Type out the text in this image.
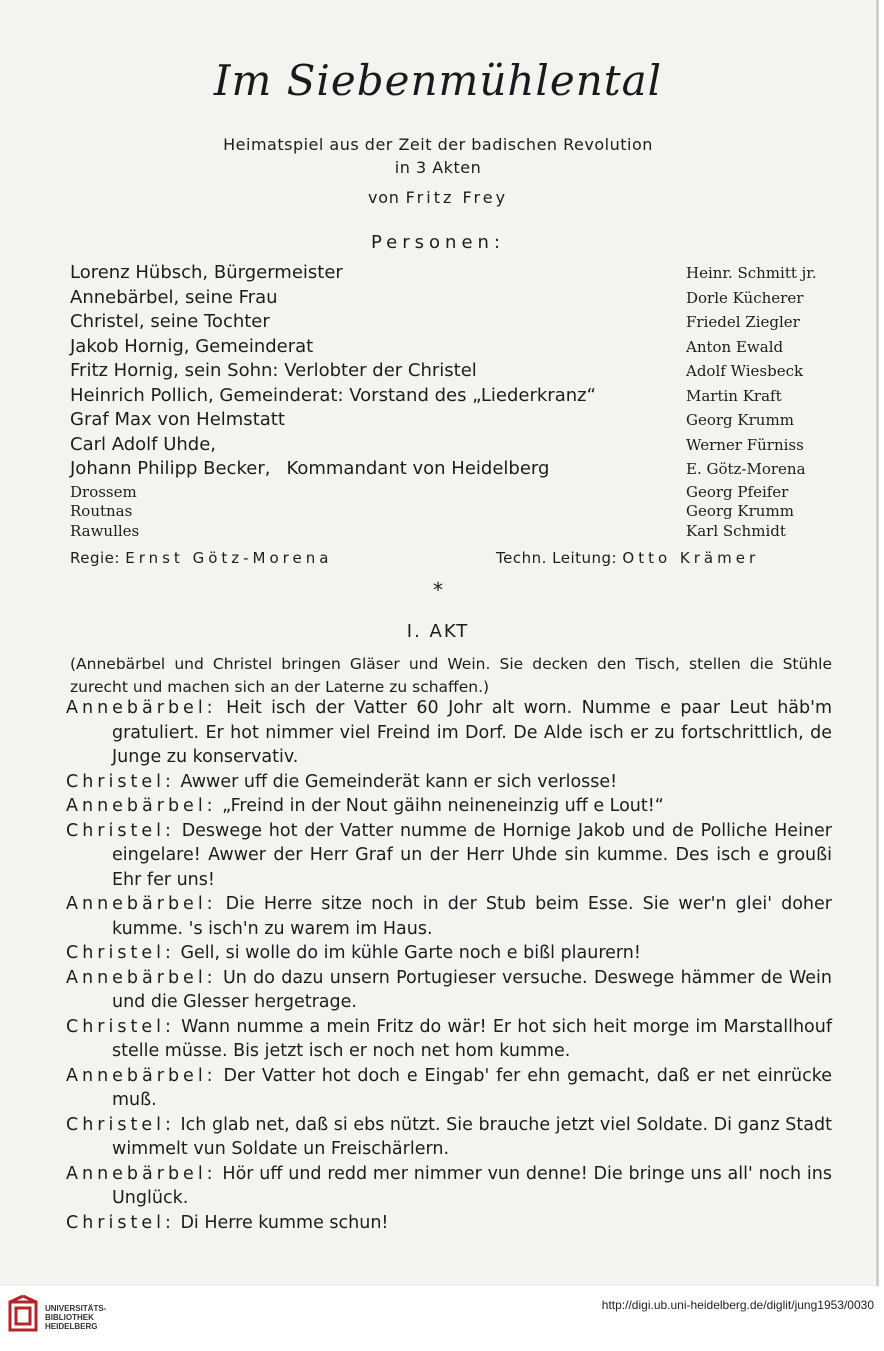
Im Siebenmühlental
Heimatspiel aus der Zeit der badischen Revolution
in 3 Akten
von Fritz Frey
Personen:
Lorenz Hübsch, Bürgermeister	Heinr. Schmitt jr.
Annebärbel, seine Frau	Dorle Kücherer
Christel, seine Tochter	Friedel Ziegler
Jakob Hornig, Gemeinderat	Anton Ewald
Fritz Hornig, sein Sohn: Verlobter der Christel	Adolf Wiesbeck
Heinrich Pollich, Gemeinderat: Vorstand des „Liederkranz“	Martin Kraft
Graf Max von Helmstatt	Georg Krumm
Carl Adolf Uhde,	Werner Fürniss
Johann Philipp Becker, Kommandant von Heidelberg	E. Götz-Morena
Drossem	Georg Pfeifer
Routnas	Georg Krumm
Rawulles	Karl Schmidt
Regie: Ernst Götz-Morena	Techn. Leitung: Otto Krämer
*
I. AKT
(Annebärbel und Christel bringen Gläser und Wein. Sie decken den Tisch, stellen die Stühle zurecht und machen sich an der Laterne zu schaffen.)
Annebärbel: Heit isch der Vatter 60 Johr alt worn. Numme e paar Leut häb'm gratuliert. Er hot nimmer viel Freind im Dorf. De Alde isch er zu fortschrittlich, de Junge zu konservativ.
Christel: Awwer uff die Gemeinderät kann er sich verlosse!
Annebärbel: „Freind in der Nout gäihn neineneinzig uff e Lout!“
Christel: Deswege hot der Vatter numme de Hornige Jakob und de Polliche Heiner eingelare! Awwer der Herr Graf un der Herr Uhde sin kumme. Des isch e groußi Ehr fer uns!
Annebärbel: Die Herre sitze noch in der Stub beim Esse. Sie wer'n glei' doher kumme. 's isch'n zu warem im Haus.
Christel: Gell, si wolle do im kühle Garte noch e bißl plaurern!
Annebärbel: Un do dazu unsern Portugieser versuche. Deswege hämmer de Wein und die Glesser hergetrage.
Christel: Wann numme a mein Fritz do wär! Er hot sich heit morge im Marstallhouf stelle müsse. Bis jetzt isch er noch net hom kumme.
Annebärbel: Der Vatter hot doch e Eingab' fer ehn gemacht, daß er net einrücke muß.
Christel: Ich glab net, daß si ebs nützt. Sie brauche jetzt viel Soldate. Di ganz Stadt wimmelt vun Soldate un Freischärlern.
Annebärbel: Hör uff und redd mer nimmer vun denne! Die bringe uns all' noch ins Unglück.
Christel: Di Herre kumme schun!
UNIVERSITÄTS-
BIBLIOTHEK
HEIDELBERG
http://digi.ub.uni-heidelberg.de/diglit/jung1953/0030
